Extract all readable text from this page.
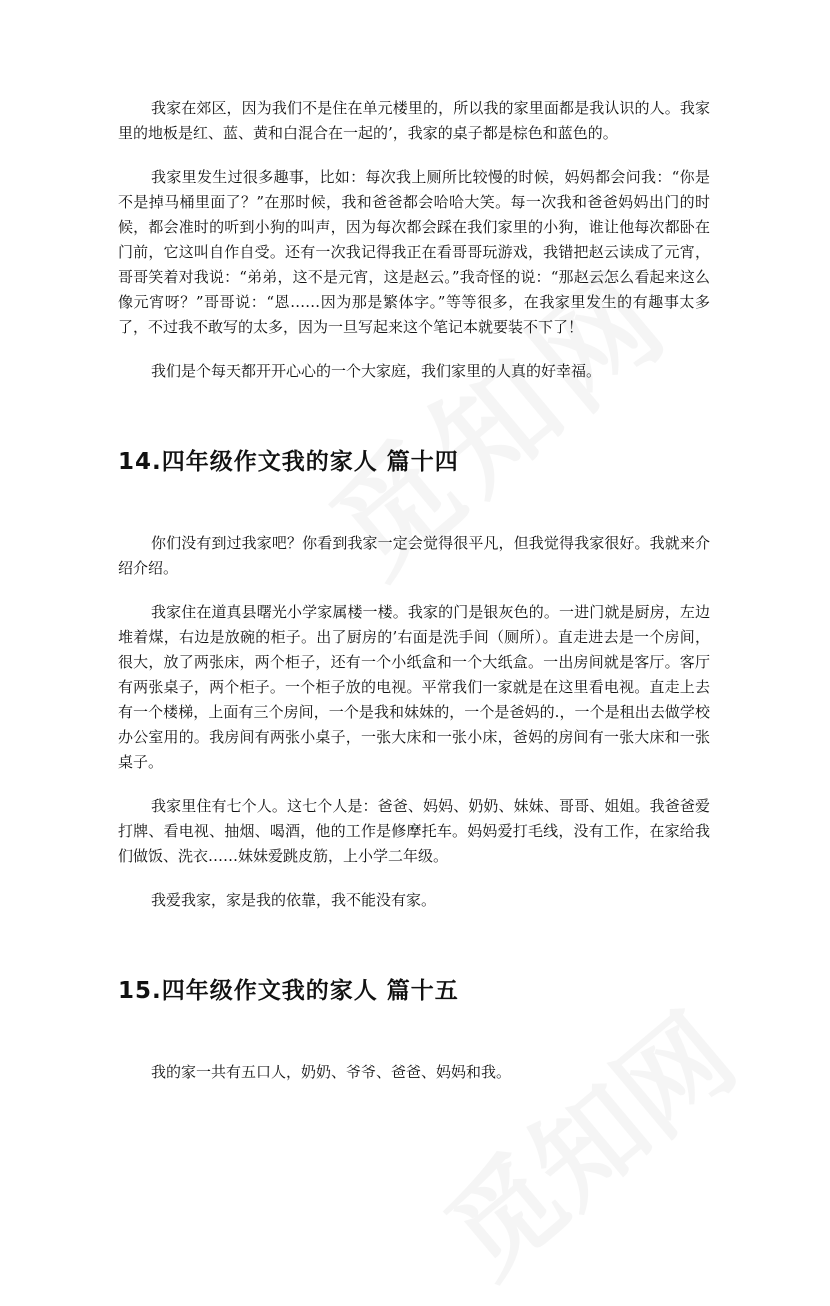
我家在郊区，因为我们不是住在单元楼里的，所以我的家里面都是我认识的人。我家里的地板是红、蓝、黄和白混合在一起的’，我家的桌子都是棕色和蓝色的。

我家里发生过很多趣事，比如：每次我上厕所比较慢的时候，妈妈都会问我：“你是不是掉马桶里面了？”在那时候，我和爸爸都会哈哈大笑。每一次我和爸爸妈妈出门的时候，都会准时的听到小狗的叫声，因为每次都会踩在我们家里的小狗，谁让他每次都卧在门前，它这叫自作自受。还有一次我记得我正在看哥哥玩游戏，我错把赵云读成了元宵，哥哥笑着对我说：“弟弟，这不是元宵，这是赵云。”我奇怪的说：“那赵云怎么看起来这么像元宵呀？”哥哥说：“恩……因为那是繁体字。”等等很多，在我家里发生的有趣事太多了，不过我不敢写的太多，因为一旦写起来这个笔记本就要装不下了！

我们是个每天都开开心心的一个大家庭，我们家里的人真的好幸福。

14.四年级作文我的家人 篇十四

你们没有到过我家吧？你看到我家一定会觉得很平凡，但我觉得我家很好。我就来介绍介绍。

我家住在道真县曙光小学家属楼一楼。我家的门是银灰色的。一进门就是厨房，左边堆着煤，右边是放碗的柜子。出了厨房的’右面是洗手间（厕所）。直走进去是一个房间，很大，放了两张床，两个柜子，还有一个小纸盒和一个大纸盒。一出房间就是客厅。客厅有两张桌子，两个柜子。一个柜子放的电视。平常我们一家就是在这里看电视。直走上去有一个楼梯，上面有三个房间，一个是我和妹妹的，一个是爸妈的.，一个是租出去做学校办公室用的。我房间有两张小桌子，一张大床和一张小床，爸妈的房间有一张大床和一张桌子。

我家里住有七个人。这七个人是：爸爸、妈妈、奶奶、妹妹、哥哥、姐姐。我爸爸爱打牌、看电视、抽烟、喝酒，他的工作是修摩托车。妈妈爱打毛线，没有工作，在家给我们做饭、洗衣……妹妹爱跳皮筋，上小学二年级。

我爱我家，家是我的依靠，我不能没有家。

15.四年级作文我的家人 篇十五

我的家一共有五口人，奶奶、爷爷、爸爸、妈妈和我。
